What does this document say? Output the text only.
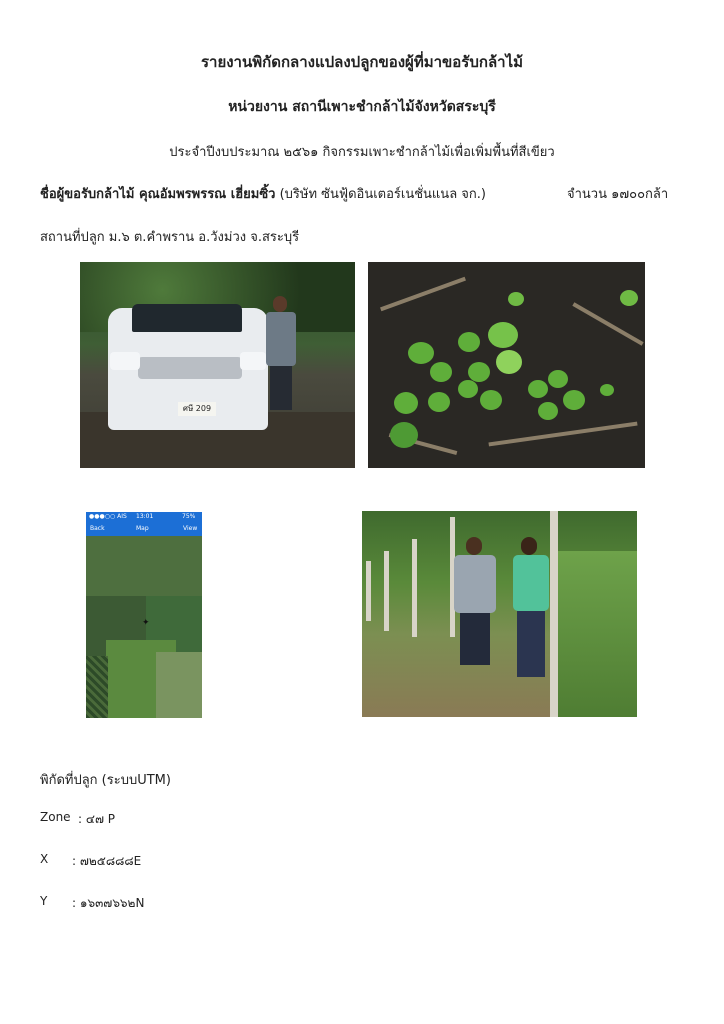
รายงานพิกัดกลางแปลงปลูกของผู้ที่มาขอรับกล้าไม้
หน่วยงาน สถานีเพาะชำกล้าไม้จังหวัดสระบุรี
ประจำปีงบประมาณ ๒๕๖๑ กิจกรรมเพาะชำกล้าไม้เพื่อเพิ่มพื้นที่สีเขียว
ชื่อผู้ขอรับกล้าไม้ คุณอัมพรพรรณ เฮี่ยมซิ้ว (บริษัท ซันฟู้ดอินเตอร์เนชั่นแนล จก.)	จำนวน ๑๗๐๐กล้า
สถานที่ปลูก ม.๖ ต.คำพราน อ.วังม่วง จ.สระบุรี
ศษี 209
●●●○○ AIS 13:01	75%
Back	Map	View
✦
พิกัดที่ปลูก (ระบบUTM)
Zone : ๔๗ P
X : ๗๒๕๘๘๘E
Y : ๑๖๓๗๖๖๒N
